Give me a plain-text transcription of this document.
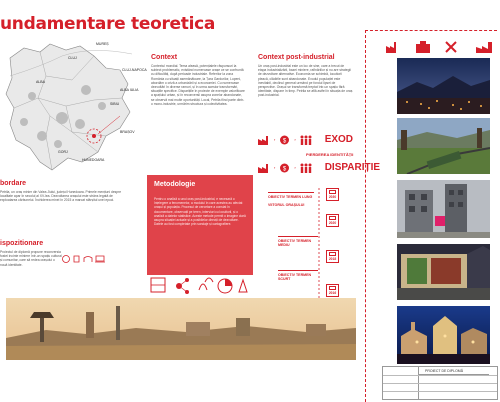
undamentare teoretica
CLUJ-NAPOCA
ALBA IULIA
CLUJ
ALBA
SIBIU
MUREȘ
BRAȘOV
GORJ
HUNEDOARA
bordare
Petrila, un oraș minier din Valea Jiului, județul Hunedoara. Primele mențiuni despre localitate apar în secolul al XV-lea. Dezvoltarea orașului este strâns legată de exploatarea cărbunelui. Închiderea minei în 2015 a marcat sfârșitul unei epoci.
ispozitionare
Proiectul de diplomă propune reconversia fostei incinte miniere într-un spațiu cultural și comunitar, care să redea orașului o nouă identitate.
Context
Contextul mondial. Tema aleasă, potențialele răspunsuri la subiect problematic, existând numeroase orașe ce se confruntă cu dificultăți, după perioade industriale. Referitor la zona România cu situații asemănătoare, la Țara Gardurilor, Lupeni, abordăm o criză a urbanizării și a economiei. Cu numeroase dezvoltări în diverse ramuri, și în urma acestor transformări, situațiile specifice. Disparițiile în proiecte de exemple valorificare a spațiului urban, și în reconversii asupra zonelor abandonate, se observă mai multe oportunități. Local, Petrila fiind parte dintr-o mono-industrie, urmărim structura și colectivitatea.
Context post-industrial
Un oraș post-industrial este un loc de sine, care a trecut de etapa industrializării, bazei miniere, rafinăriilor și nu are strategii de dezvoltare alternative. Economia se schimbă, locuitorii pleacă, clădirile sunt abandonate. Exodul populației este inevitabil, declinul general urmând pe fondul lipsei de perspective. Orașul se transformă treptat într-un spațiu fără identitate, dispare în timp. Petrila se află astfel în situația de oraș post-industrial.
› $ ›	EXOD
PIERDEREA IDENTITĂȚII
› $ ›	DISPARIȚIE
Metodologie
Pentru o analiză a unui oraș post-industrial, e necesară o înțelegere a fenomenelor, a modului în care acestea au afectat orașul și populația. Procesul de cercetare a constat în documentare, observații pe teren, interviuri cu locuitorii, și o analiză a datelor statistice. Aceste metode permit o imagine clară asupra situației actuale și a posibilelor direcții de dezvoltare. Datele au fost completate prin sondaje și cartografiere.
OBIECTIV TERMEN LUNG
VIITORUL ORAȘULUI
OBIECTIV TERMEN MEDIU
OBIECTIV TERMEN SCURT
2030
2020
2018
2016
PROIECT DE DIPLOMĂ
